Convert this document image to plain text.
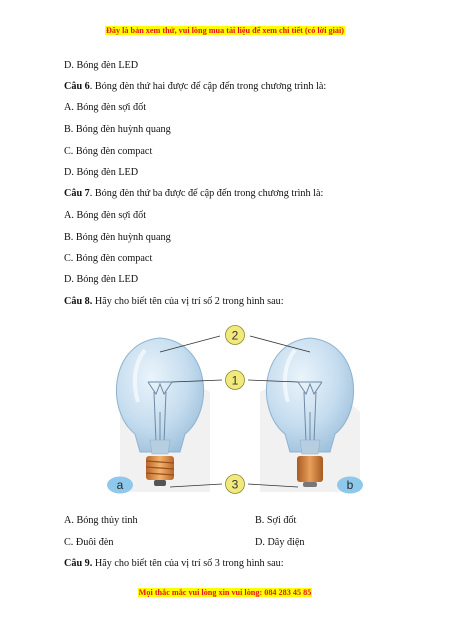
Đây là bản xem thử, vui lòng mua tài liệu để xem chi tiết (có lời giải)
D. Bóng đèn LED
Câu 6. Bóng đèn thứ hai được để cập đến trong chương trình là:
A. Bóng đèn sợi đốt
B. Bóng đèn huỳnh quang
C. Bóng đèn compact
D. Bóng đèn LED
Câu 7. Bóng đèn thứ ba được để cập đến trong chương trình là:
A. Bóng đèn sợi đốt
B. Bóng đèn huỳnh quang
C. Bóng đèn compact
D. Bóng đèn LED
Câu 8. Hãy cho biết tên của vị trí số 2 trong hình sau:
2
1
3
a	b
A. Bóng thủy tinh	B. Sợi đốt
C. Đuôi đèn	D. Dây điện
Câu 9. Hãy cho biết tên của vị trí số 3 trong hình sau:
Mọi thắc mắc vui lòng xin vui lòng: 084 283 45 85
